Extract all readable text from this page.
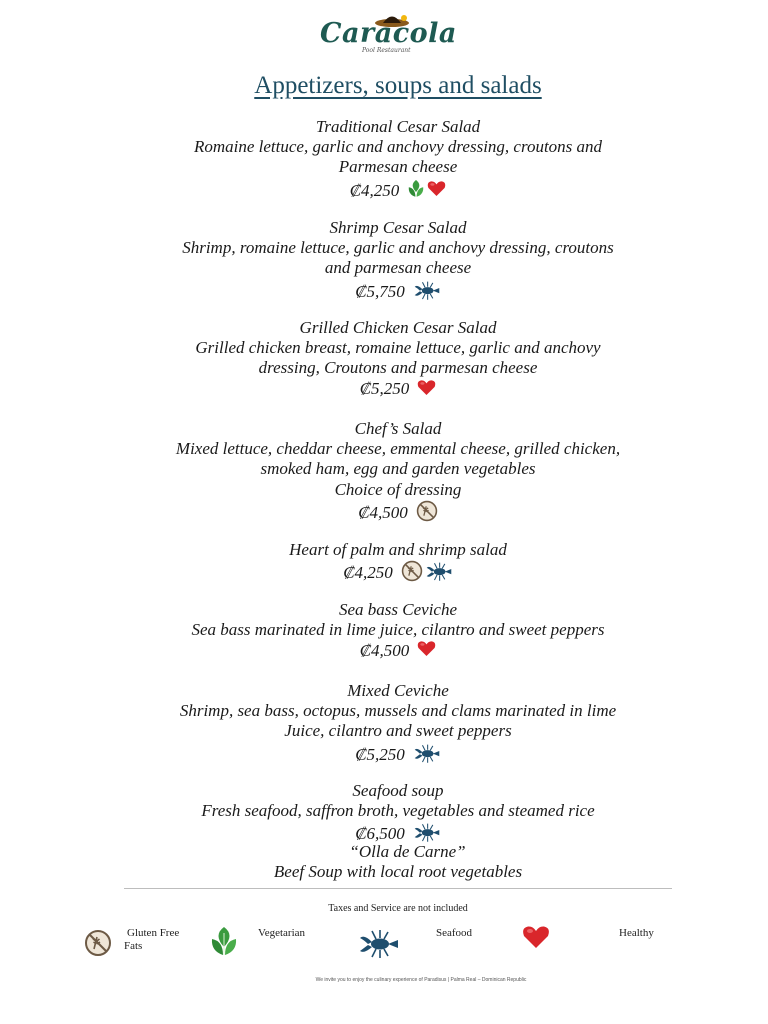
Caracola
Pool Restaurant
Appetizers, soups and salads
Traditional Cesar Salad
Romaine lettuce, garlic and anchovy dressing, croutons and
Parmesan cheese
₡4,250
Shrimp Cesar Salad
Shrimp, romaine lettuce, garlic and anchovy dressing, croutons
and parmesan cheese
₡5,750
Grilled Chicken Cesar Salad
Grilled chicken breast, romaine lettuce, garlic and anchovy
dressing, Croutons and parmesan cheese
₡5,250
Chef’s Salad
Mixed lettuce, cheddar cheese, emmental cheese, grilled chicken,
smoked ham, egg and garden vegetables
Choice of dressing
₡4,500
Heart of palm and shrimp salad
₡4,250
Sea bass Ceviche
Sea bass marinated in lime juice, cilantro and sweet peppers
₡4,500
Mixed Ceviche
Shrimp, sea bass, octopus, mussels and clams marinated in lime
Juice, cilantro and sweet peppers
₡5,250
Seafood soup
Fresh seafood, saffron broth, vegetables and steamed rice
₡6,500
“Olla de Carne”
Beef Soup with local root vegetables
Taxes and Service are not included
Gluten Free
Fats
Vegetarian	Seafood	Healthy
We invite you to enjoy the culinary experience of Paradisus | Palma Real – Dominican Republic
